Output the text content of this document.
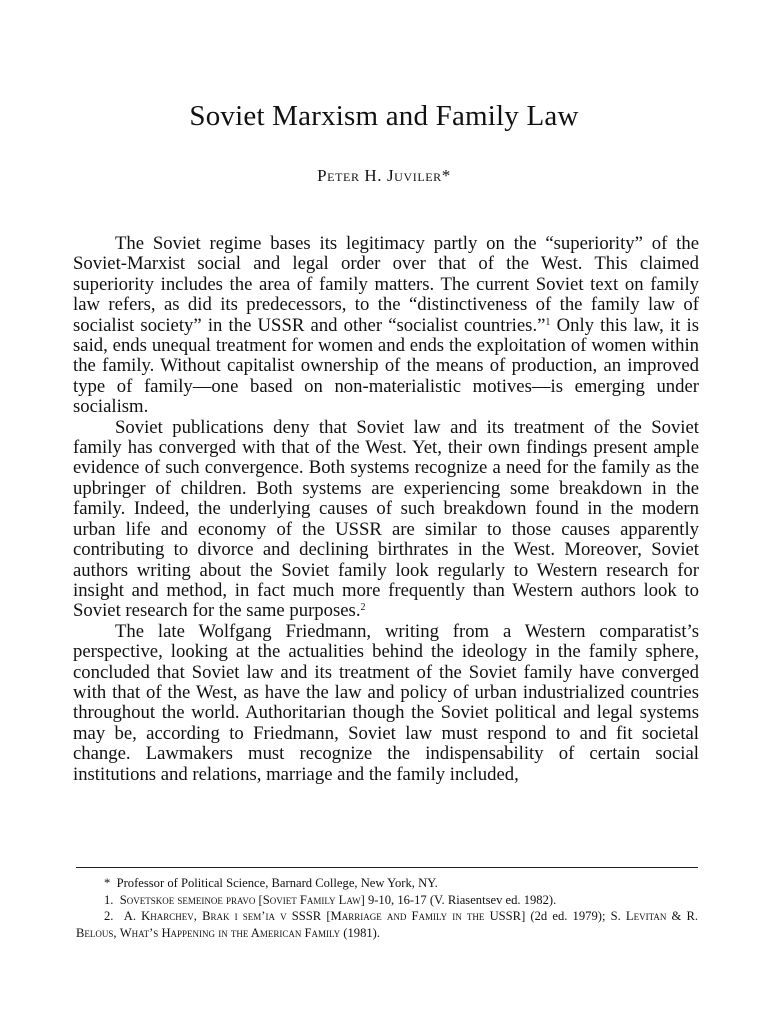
Soviet Marxism and Family Law
Peter H. Juviler*

The Soviet regime bases its legitimacy partly on the “superiority” of the Soviet-Marxist social and legal order over that of the West. This claimed superiority includes the area of family matters. The current Soviet text on family law refers, as did its predecessors, to the “distinctiveness of the family law of socialist society” in the USSR and other “socialist countries.”$^1$ Only this law, it is said, ends unequal treatment for women and ends the exploitation of women within the family. Without capitalist ownership of the means of production, an improved type of family—one based on non-materialistic motives—is emerging under socialism.

Soviet publications deny that Soviet law and its treatment of the Soviet family has converged with that of the West. Yet, their own findings present ample evidence of such convergence. Both systems recognize a need for the family as the upbringer of children. Both systems are experiencing some breakdown in the family. Indeed, the underlying causes of such breakdown found in the modern urban life and economy of the USSR are similar to those causes apparently contributing to divorce and declining birthrates in the West. Moreover, Soviet authors writing about the Soviet family look regularly to Western research for insight and method, in fact much more frequently than Western authors look to Soviet research for the same purposes.$^2$

The late Wolfgang Friedmann, writing from a Western comparatist’s perspective, looking at the actualities behind the ideology in the family sphere, concluded that Soviet law and its treatment of the Soviet family have converged with that of the West, as have the law and policy of urban industrialized countries throughout the world. Authoritarian though the Soviet political and legal systems may be, according to Friedmann, Soviet law must respond to and fit societal change. Lawmakers must recognize the indispensability of certain social institutions and relations, marriage and the family included,

* Professor of Political Science, Barnard College, New York, NY.

1. Sovetskoe semeinoe pravo [Soviet Family Law] 9-10, 16-17 (V. Riasentsev ed. 1982).

2. A. Kharchev, Brak i sem’ia v SSSR [Marriage and Family in the USSR] (2d ed. 1979); S. Levitan & R. Belous, What’s Happening in the American Family (1981).
